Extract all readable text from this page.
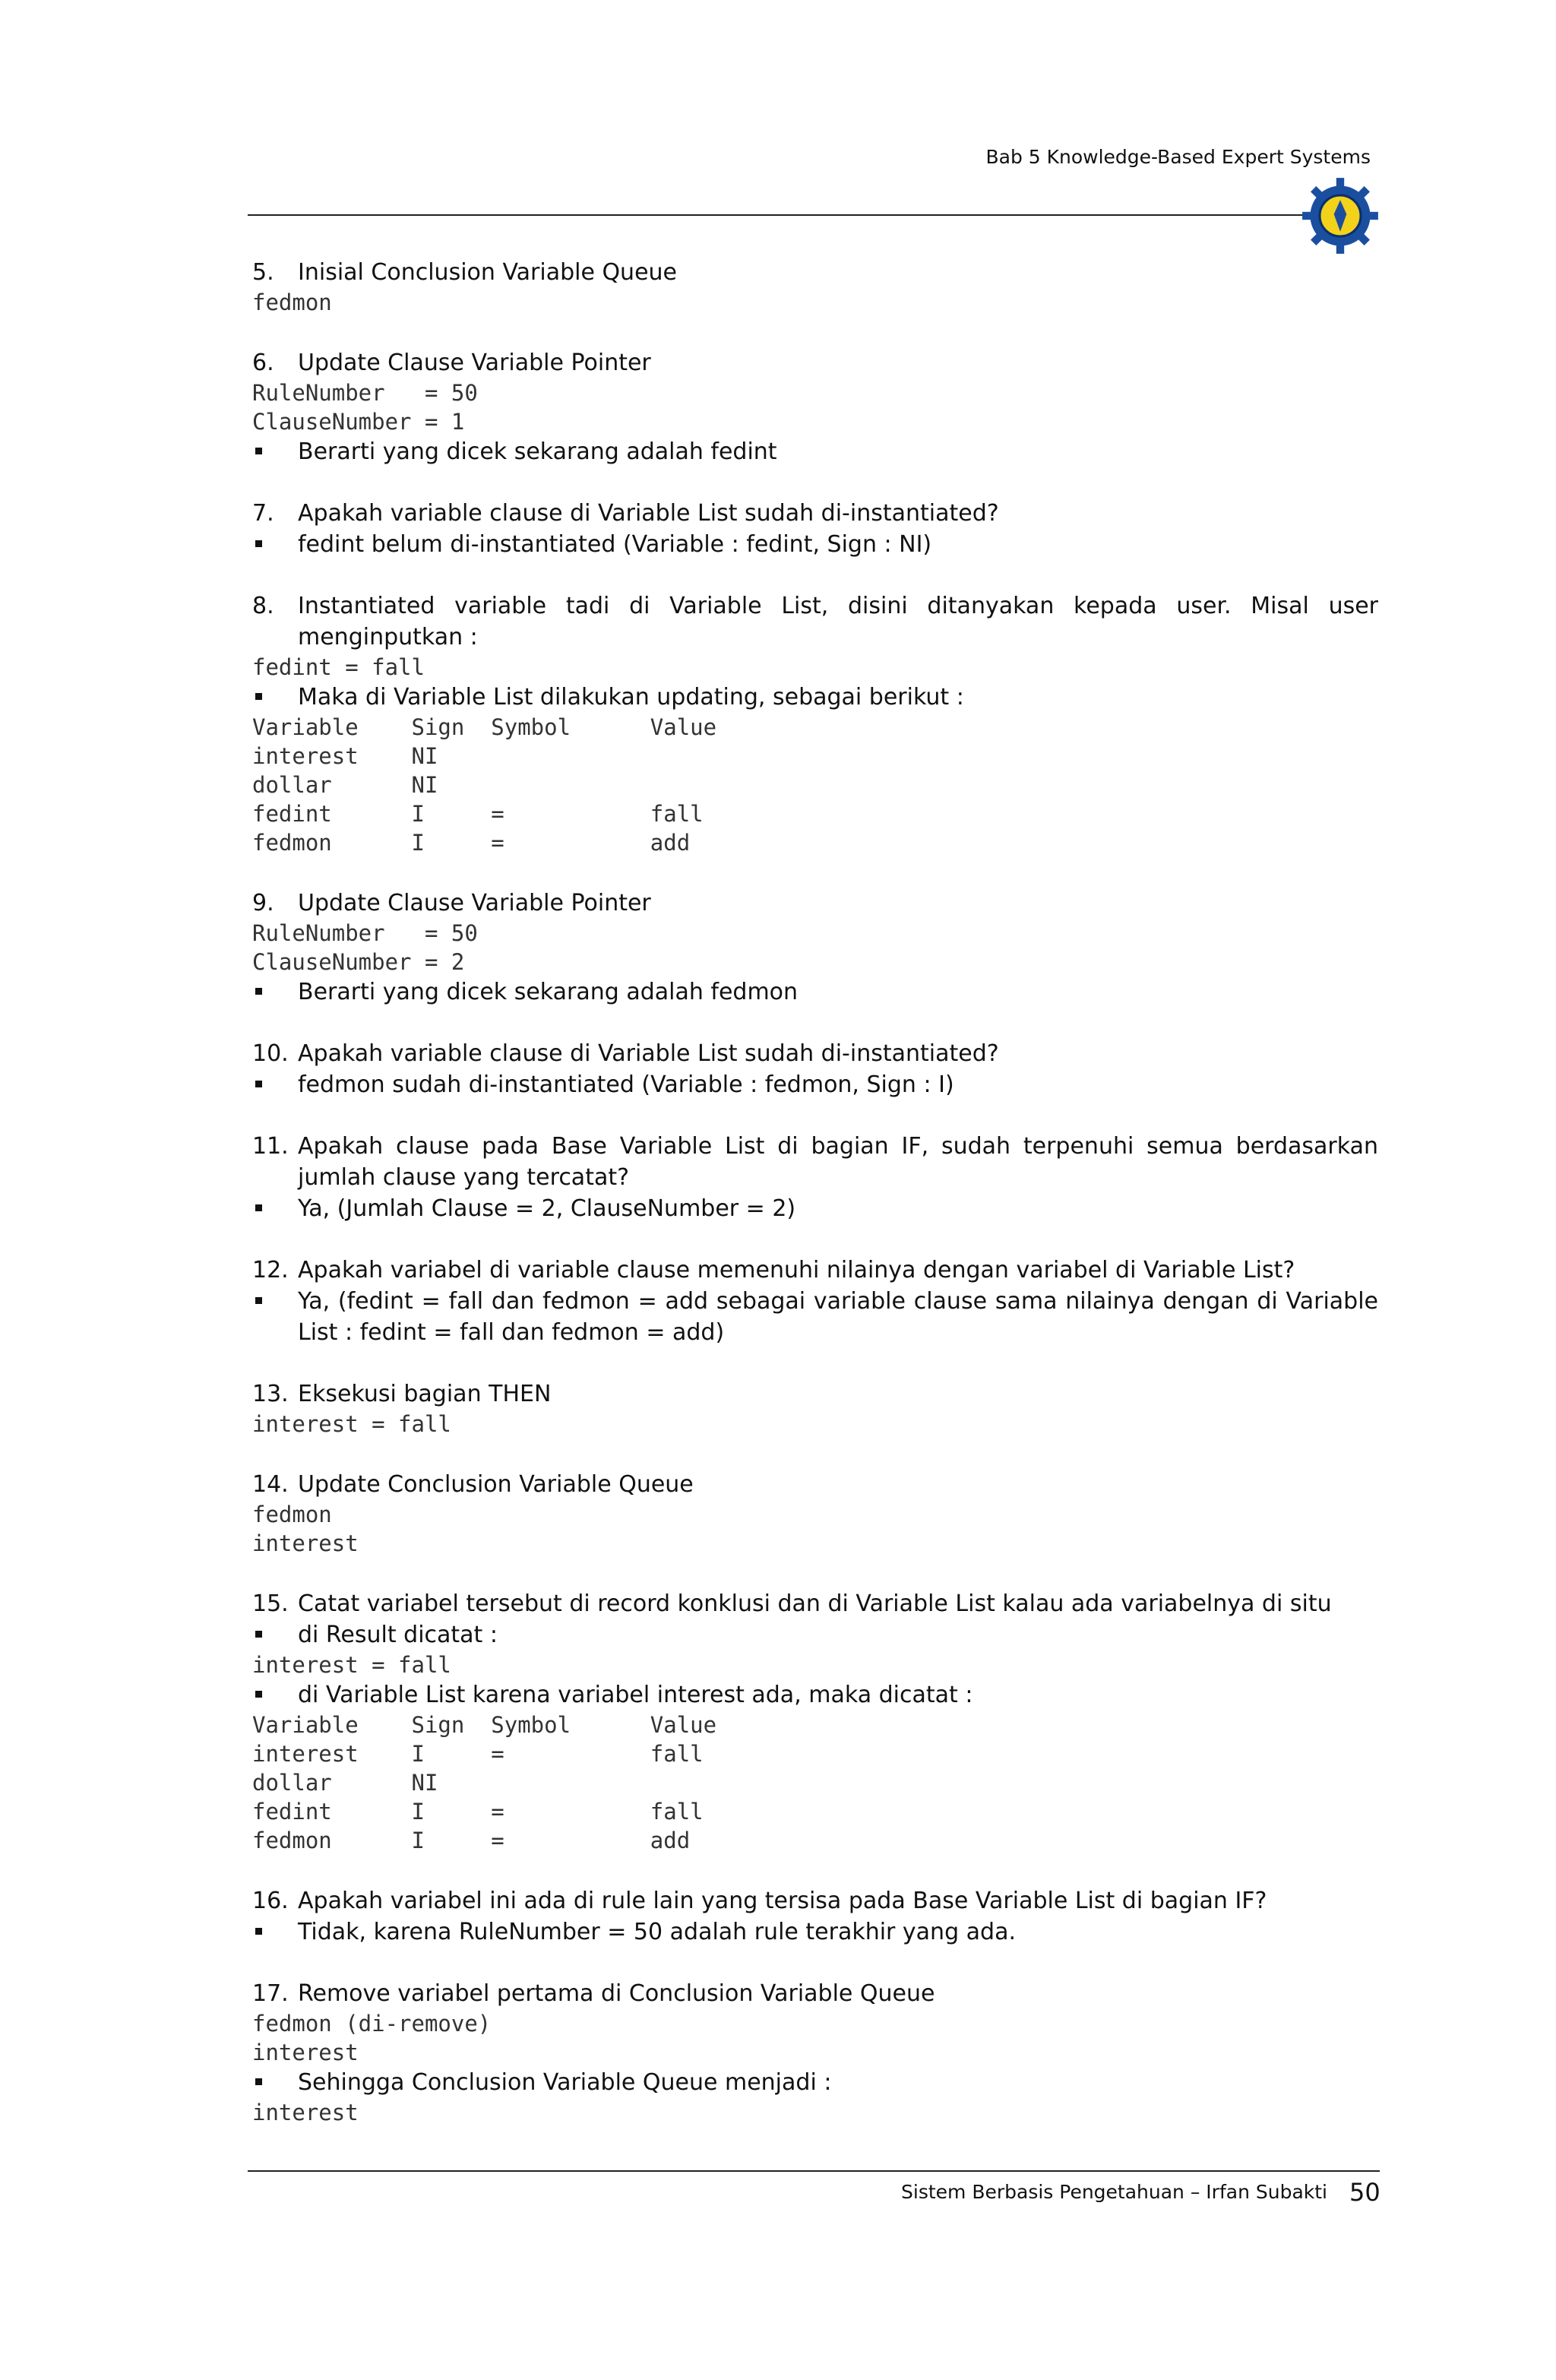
Bab 5 Knowledge-Based Expert Systems
5.	Inisial Conclusion Variable Queue
fedmon
6.	Update Clause Variable Pointer
RuleNumber   = 50
ClauseNumber = 1
Berarti yang dicek sekarang adalah fedint
7.	Apakah variable clause di Variable List sudah di-instantiated?
fedint belum di-instantiated (Variable : fedint, Sign : NI)
8.	Instantiated variable tadi di Variable List, disini ditanyakan kepada user. Misal user menginputkan :
fedint = fall
Maka di Variable List dilakukan updating, sebagai berikut :
Variable    Sign  Symbol      Value
interest    NI
dollar      NI
fedint      I     =           fall
fedmon      I     =           add
9.	Update Clause Variable Pointer
RuleNumber   = 50
ClauseNumber = 2
Berarti yang dicek sekarang adalah fedmon
10. Apakah variable clause di Variable List sudah di-instantiated?
fedmon sudah di-instantiated (Variable : fedmon, Sign : I)
11. Apakah clause pada Base Variable List di bagian IF, sudah terpenuhi semua berdasarkan jumlah clause yang tercatat?
Ya, (Jumlah Clause = 2, ClauseNumber = 2)
12. Apakah variabel di variable clause memenuhi nilainya dengan variabel di Variable List?
Ya, (fedint = fall dan fedmon = add sebagai variable clause sama nilainya dengan di Variable List : fedint = fall dan fedmon = add)
13. Eksekusi bagian THEN
interest = fall
14. Update Conclusion Variable Queue
fedmon
interest
15. Catat variabel tersebut di record konklusi dan di Variable List kalau ada variabelnya di situ
di Result dicatat :
interest = fall
di Variable List karena variabel interest ada, maka dicatat :
Variable    Sign  Symbol      Value
interest    I     =           fall
dollar      NI
fedint      I     =           fall
fedmon      I     =           add
16. Apakah variabel ini ada di rule lain yang tersisa pada Base Variable List di bagian IF?
Tidak, karena RuleNumber = 50 adalah rule terakhir yang ada.
17. Remove variabel pertama di Conclusion Variable Queue
fedmon (di-remove)
interest
Sehingga Conclusion Variable Queue menjadi :
interest
Sistem Berbasis Pengetahuan – Irfan Subakti 50
